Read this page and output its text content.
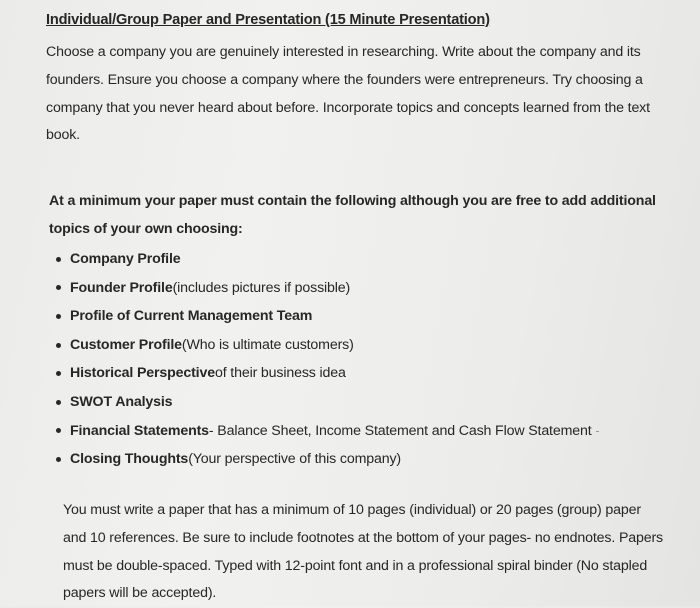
Individual/Group Paper and Presentation (15 Minute Presentation)

Choose a company you are genuinely interested in researching. Write about the company and its founders. Ensure you choose a company where the founders were entrepreneurs. Try choosing a company that you never heard about before. Incorporate topics and concepts learned from the text book.

At a minimum your paper must contain the following although you are free to add additional topics of your own choosing:

Company Profile
Founder Profile (includes pictures if possible)
Profile of Current Management Team
Customer Profile (Who is ultimate customers)
Historical Perspective of their business idea
SWOT Analysis
Financial Statements - Balance Sheet, Income Statement and Cash Flow Statement
Closing Thoughts (Your perspective of this company)

You must write a paper that has a minimum of 10 pages (individual) or 20 pages (group) paper and 10 references. Be sure to include footnotes at the bottom of your pages- no endnotes. Papers must be double-spaced. Typed with 12-point font and in a professional spiral binder (No stapled papers will be accepted).
